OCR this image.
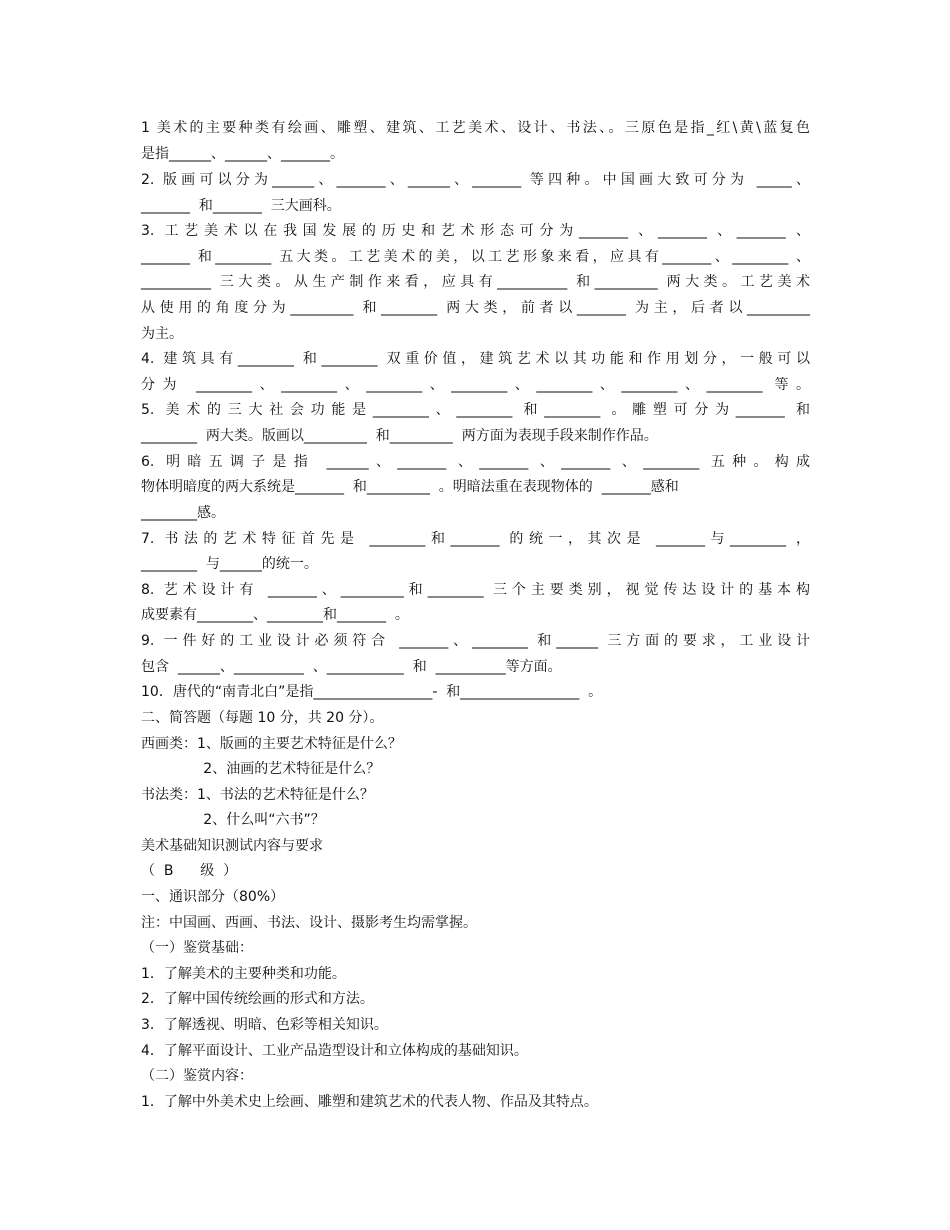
1 美术的主要种类有绘画、雕塑、建筑、工艺美术、设计、书法、。三原色是指_红\黄\蓝复色
是指______、______、_______。
2. 版画可以分为______、_______、______、_______ 等四种。中国画大致可分为 _____、
_______  和_______  三大画科。
3. 工艺美术以在我国发展的历史和艺术形态可分为_______ 、_______ 、_______ 、
_______ 和________ 五大类。工艺美术的美，以工艺形象来看，应具有_______、________ 、
__________ 三大类。从生产制作来看，应具有__________ 和_________ 两大类。工艺美术
从使用的角度分为_________ 和________ 两大类，前者以_______ 为主，后者以_________
为主。
4. 建筑具有________ 和________ 双重价值，建筑艺术以其功能和作用划分，一般可以
分为 ________、________、________、________、________、________、________ 等。
5. 美术的三大社会功能是________、________ 和________ 。雕塑可分为_______ 和
________  两大类。版画以_________  和_________  两方面为表现手段来制作作品。
6. 明暗五调子是指 ______、_______ 、_______ 、_______ 、________ 五种。构成
物体明暗度的两大系统是_______  和_________  。明暗法重在表现物体的  _______感和
________感。
7. 书法的艺术特征首先是 ________和_______ 的统一，其次是 _______与________ ，
________  与______的统一。
8. 艺术设计有 _______、_________和________ 三个主要类别，视觉传达设计的基本构
成要素有________、________和_______  。
9. 一件好的工业设计必须符合 _______、________ 和______ 三方面的要求，工业设计
包含  ______、__________  、___________  和  __________等方面。
10．唐代的“南青北白”是指_________________-  和_________________  。
二、简答题（每题 10 分，共 20 分）。
西画类：1、版画的主要艺术特征是什么？
2、油画的艺术特征是什么？
书法类：1、书法的艺术特征是什么？
2、什么叫“六书”？
美术基础知识测试内容与要求
（  B      级  ）
一、通识部分（80%）
注：中国画、西画、书法、设计、摄影考生均需掌握。
（一）鉴赏基础：
1．了解美术的主要种类和功能。
2．了解中国传统绘画的形式和方法。
3．了解透视、明暗、色彩等相关知识。
4．了解平面设计、工业产品造型设计和立体构成的基础知识。
（二）鉴赏内容：
1．了解中外美术史上绘画、雕塑和建筑艺术的代表人物、作品及其特点。
